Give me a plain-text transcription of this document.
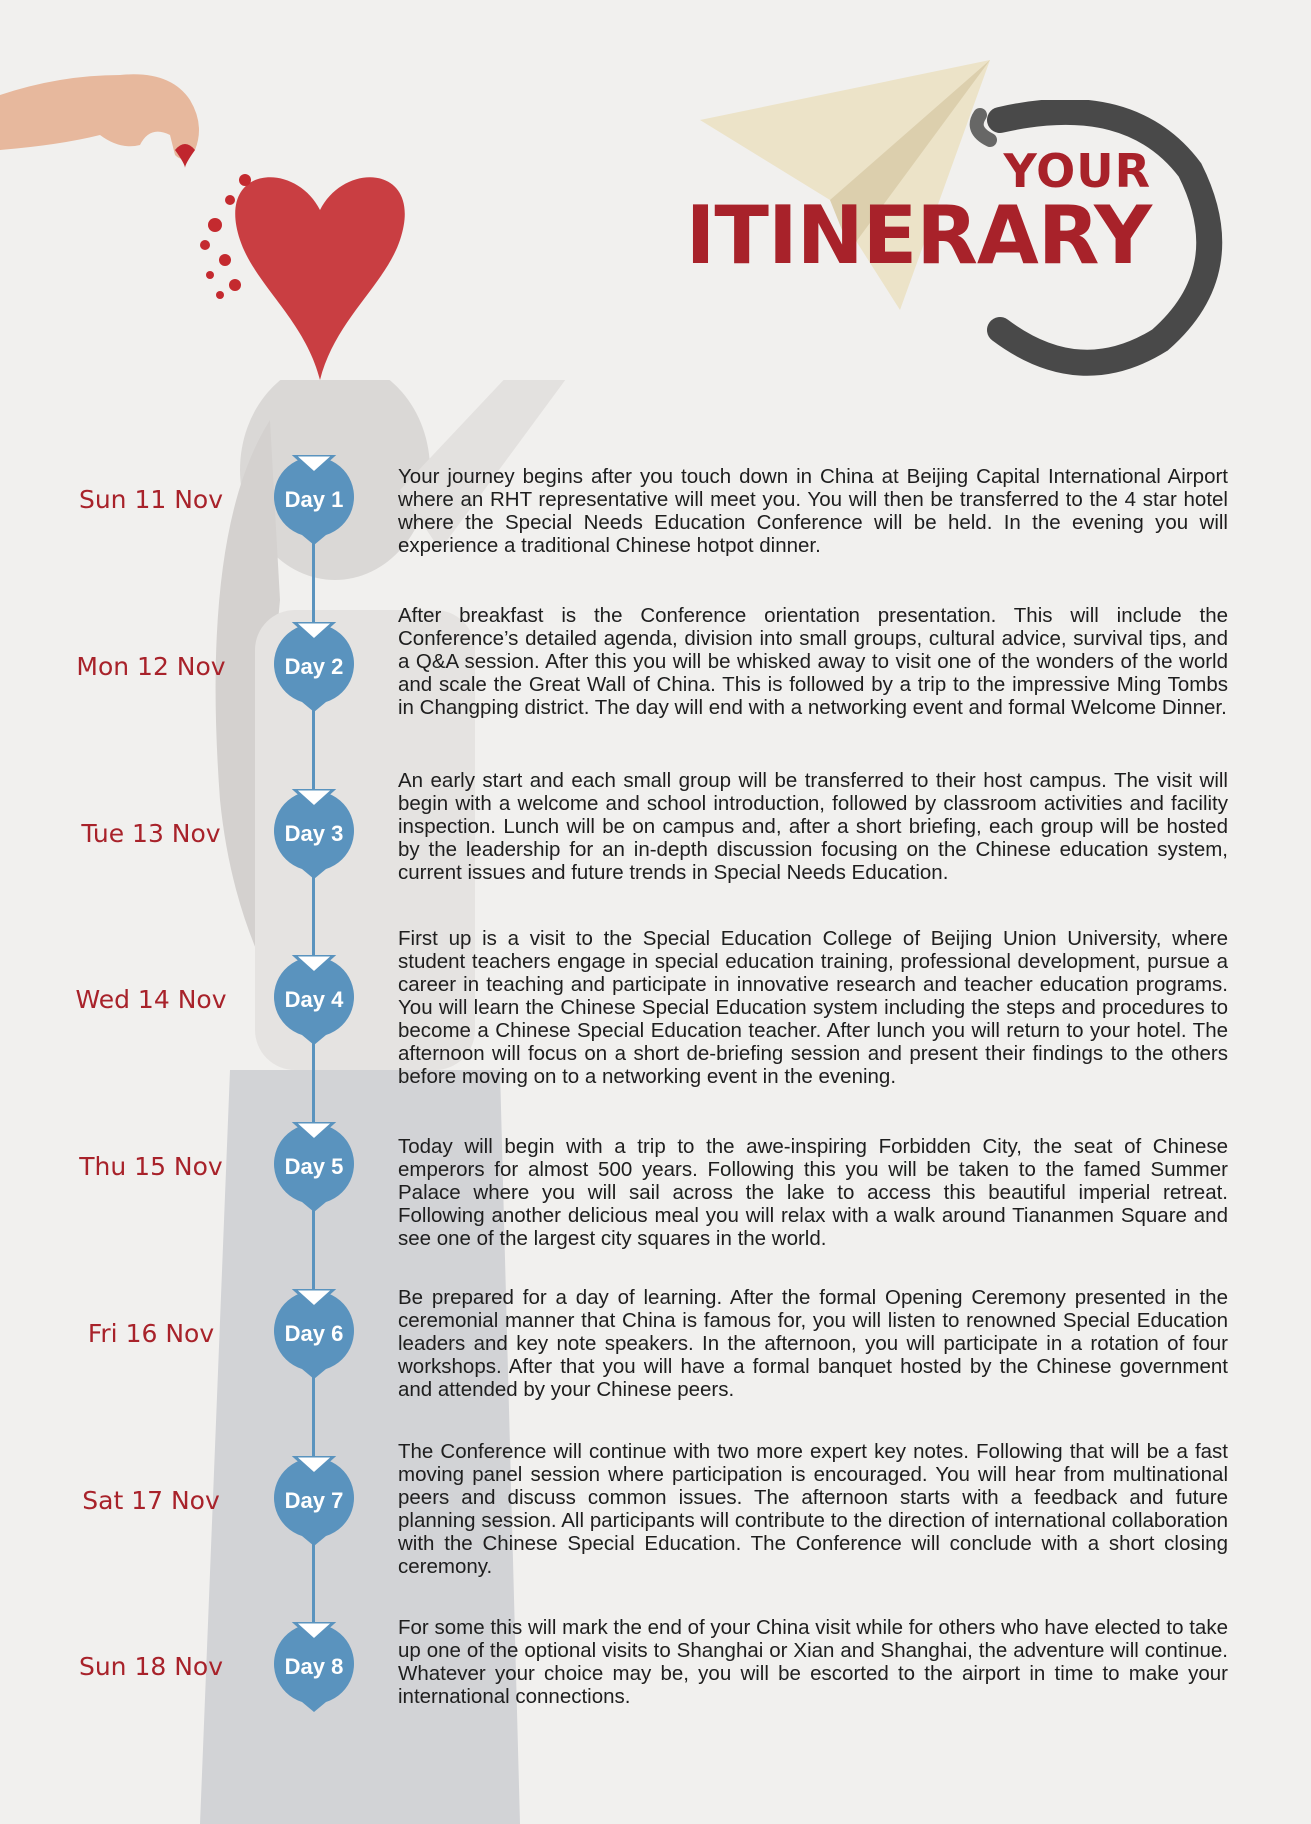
YOUR
ITINERARY
Sun 11 Nov	Day 1

Your journey begins after you touch down in China at Beijing Capital International Airport where an RHT representative will meet you. You will then be transferred to the 4 star hotel where the Special Needs Education Conference will be held. In the evening you will experience a traditional Chinese hotpot dinner.

Mon 12 Nov	Day 2

After breakfast is the Conference orientation presentation. This will include the Conference’s detailed agenda, division into small groups, cultural advice, survival tips, and a Q&A session. After this you will be whisked away to visit one of the wonders of the world and scale the Great Wall of China. This is followed by a trip to the impressive Ming Tombs in Changping district. The day will end with a networking event and formal Welcome Dinner.

Tue 13 Nov	Day 3

An early start and each small group will be transferred to their host campus. The visit will begin with a welcome and school introduction, followed by classroom activities and facility inspection. Lunch will be on campus and, after a short briefing, each group will be hosted by the leadership for an in-depth discussion focusing on the Chinese education system, current issues and future trends in Special Needs Education.

Wed 14 Nov	Day 4

First up is a visit to the Special Education College of Beijing Union University, where student teachers engage in special education training, professional development, pursue a career in teaching and participate in innovative research and teacher education programs. You will learn the Chinese Special Education system including the steps and procedures to become a Chinese Special Education teacher. After lunch you will return to your hotel. The afternoon will focus on a short de-briefing session and present their findings to the others before moving on to a networking event in the evening.

Thu 15 Nov	Day 5

Today will begin with a trip to the awe-inspiring Forbidden City, the seat of Chinese emperors for almost 500 years. Following this you will be taken to the famed Summer Palace where you will sail across the lake to access this beautiful imperial retreat. Following another delicious meal you will relax with a walk around Tiananmen Square and see one of the largest city squares in the world.

Fri 16 Nov	Day 6

Be prepared for a day of learning. After the formal Opening Ceremony presented in the ceremonial manner that China is famous for, you will listen to renowned Special Education leaders and key note speakers. In the afternoon, you will participate in a rotation of four workshops. After that you will have a formal banquet hosted by the Chinese government and attended by your Chinese peers.

Sat 17 Nov	Day 7

The Conference will continue with two more expert key notes. Following that will be a fast moving panel session where participation is encouraged. You will hear from multinational peers and discuss common issues. The afternoon starts with a feedback and future planning session. All participants will contribute to the direction of international collaboration with the Chinese Special Education. The Conference will conclude with a short closing ceremony.

Sun 18 Nov	Day 8

For some this will mark the end of your China visit while for others who have elected to take up one of the optional visits to Shanghai or Xian and Shanghai, the adventure will continue. Whatever your choice may be, you will be escorted to the airport in time to make your international connections.
